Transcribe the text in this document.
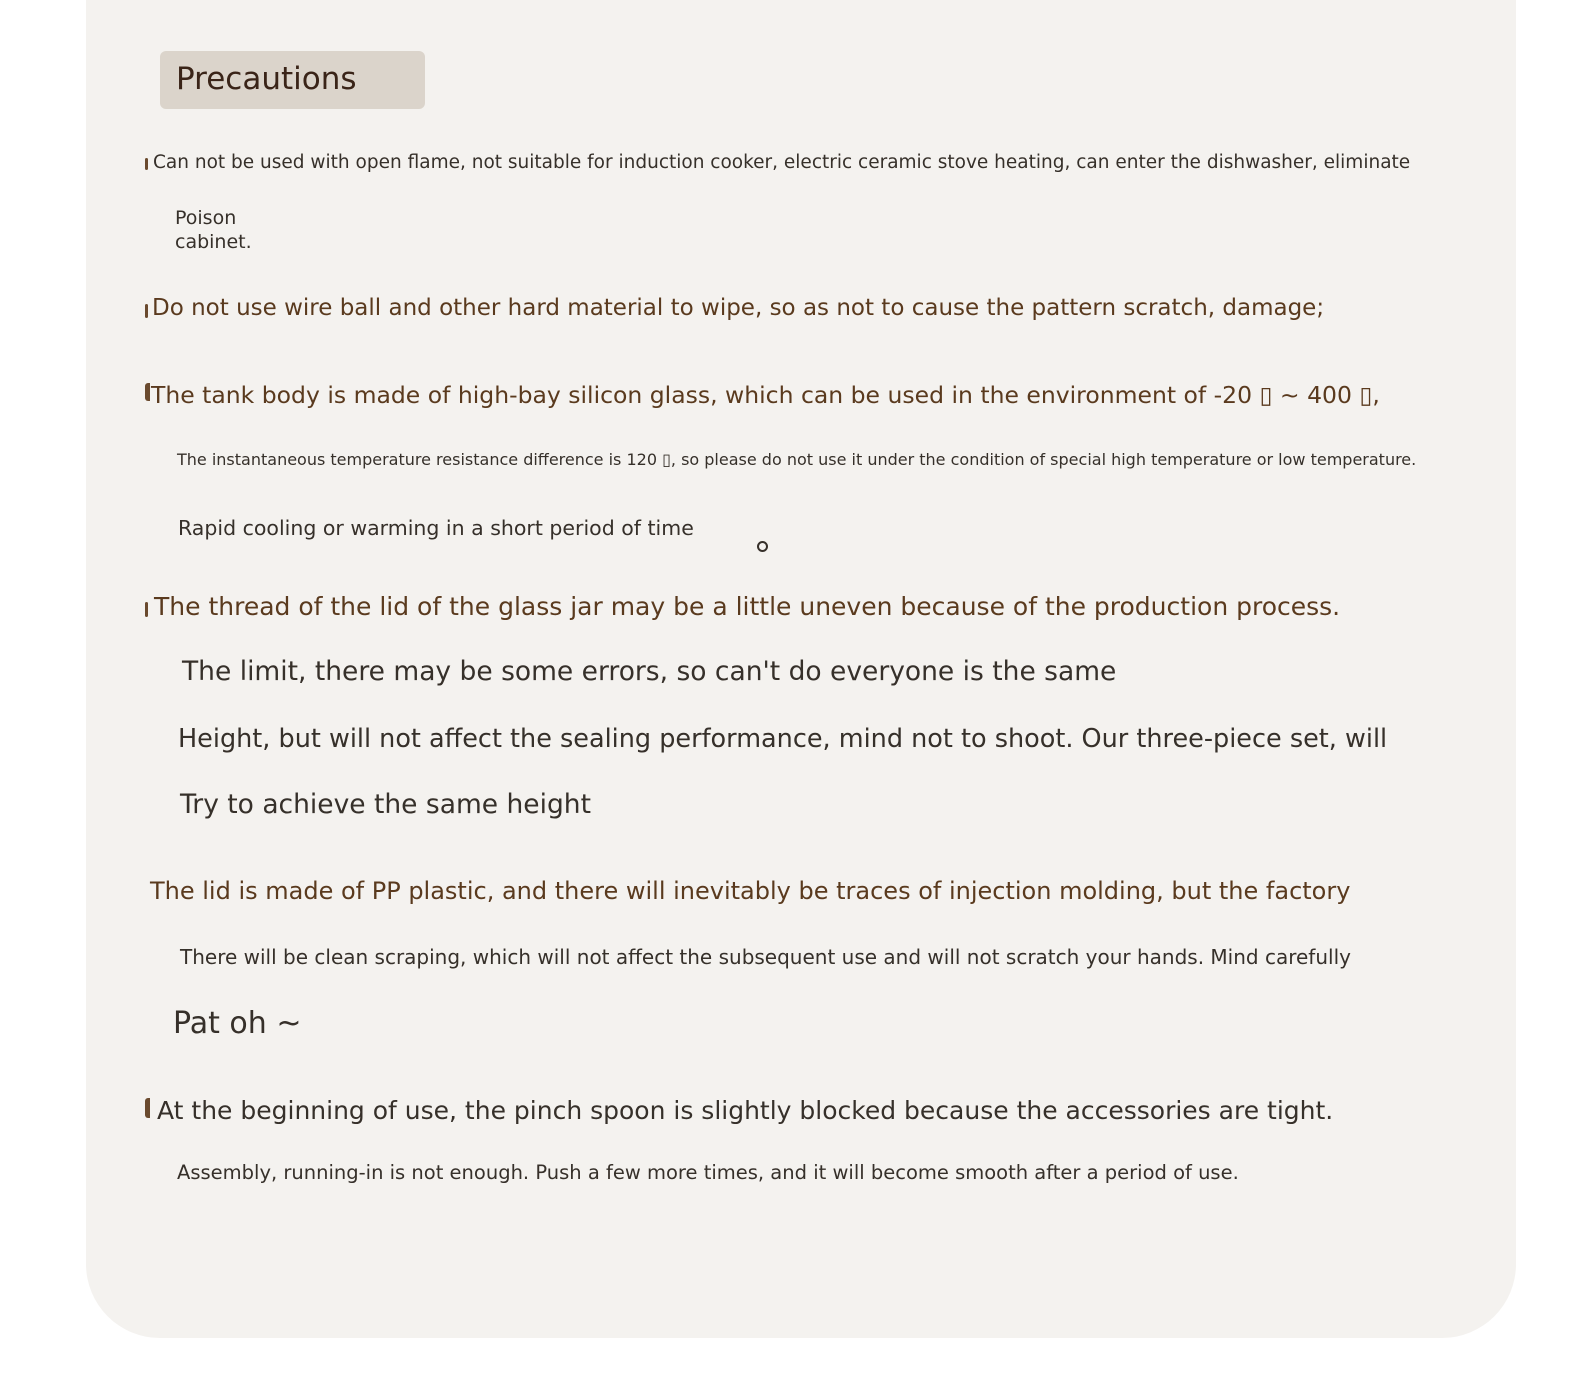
Precautions
Can not be used with open flame, not suitable for induction cooker, electric ceramic stove heating, can enter the dishwasher, eliminate
Poison
cabinet.
Do not use wire ball and other hard material to wipe, so as not to cause the pattern scratch, damage;
The tank body is made of high-bay silicon glass, which can be used in the environment of -20 ▯ ~ 400 ▯,
The instantaneous temperature resistance difference is 120 ▯, so please do not use it under the condition of special high temperature or low temperature.
Rapid cooling or warming in a short period of time
The thread of the lid of the glass jar may be a little uneven because of the production process.
The limit, there may be some errors, so can't do everyone is the same
Height, but will not affect the sealing performance, mind not to shoot. Our three-piece set, will
Try to achieve the same height
The lid is made of PP plastic, and there will inevitably be traces of injection molding, but the factory
There will be clean scraping, which will not affect the subsequent use and will not scratch your hands. Mind carefully
Pat oh ~
At the beginning of use, the pinch spoon is slightly blocked because the accessories are tight.
Assembly, running-in is not enough. Push a few more times, and it will become smooth after a period of use.
